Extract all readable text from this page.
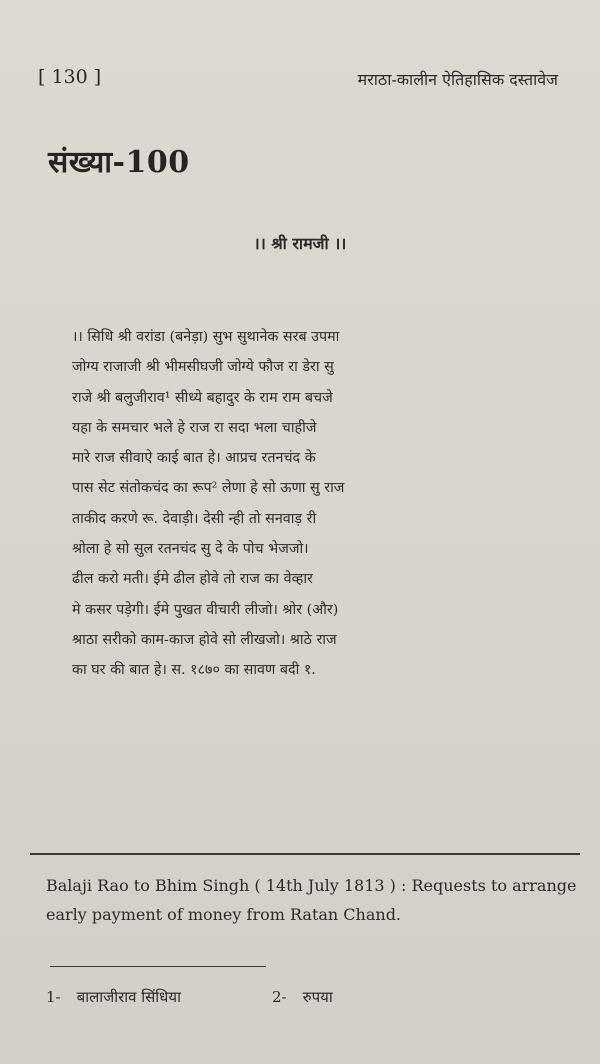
[ 130 ]	मराठा-कालीन ऐतिहासिक दस्तावेज
संख्या-100
।। श्री रामजी ।।
।। सिधि श्री वरांडा (बनेड़ा) सुभ सुथानेक सरब उपमा
जोग्य राजाजी श्री भीमसीघजी जोग्ये फौज रा डेरा सु
राजे श्री बलुजीराव¹ सीध्ये बहादुर के राम राम बचजे
यहा के समचार भले हे राज रा सदा भला चाहीजे
मारे राज सीवाऐ काई बात हे। आप्रच रतनचंद के
पास सेट संतोकचंद का रूप² लेणा हे सो ऊणा सु राज
ताकीद करणे रू. देवाड़ी। देसी न्ही तो सनवाड़ री
श्रोला हे सो सुल रतनचंद सु दे के पोच भेजजो।
ढील करो मती। ईमे ढील होवे तो राज का वेव्हार
मे कसर पड़ेगी। ईमे पुखत वीचारी लीजो। श्रोर (और)
श्राठा सरीको काम-काज होवे सो लीखजो। श्राठे राज
का घर की बात हे। स. १८७० का सावण बदी १.
Balaji Rao to Bhim Singh ( 14th July 1813 ) : Requests to arrange
early payment of money from Ratan Chand.
1- बालाजीराव सिंधिया	2- रुपया
